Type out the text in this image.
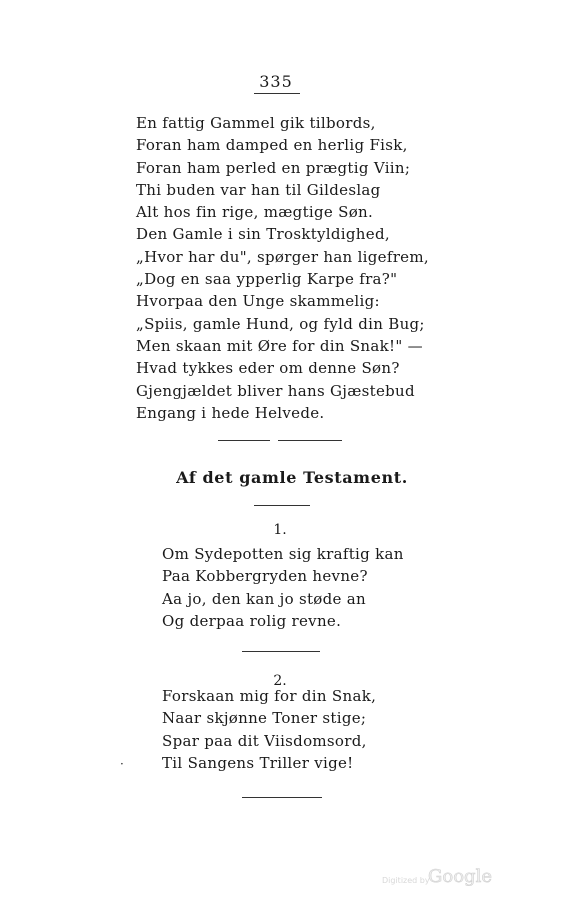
335
En fattig Gammel gik tilbords,
Foran ham damped en herlig Fisk,
Foran ham perled en prægtig Viin;
Thi buden var han til Gildeslag
Alt hos fin rige, mægtige Søn.
Den Gamle i sin Trosktyldighed,
„Hvor har du", spørger han ligefrem,
„Dog en saa ypperlig Karpe fra?"
Hvorpaa den Unge skammelig:
„Spiis, gamle Hund, og fyld din Bug;
Men skaan mit Øre for din Snak!" —
Hvad tykkes eder om denne Søn?
Gjengjældet bliver hans Gjæstebud
Engang i hede Helvede.
Af det gamle Testament.
1.
Om Sydepotten sig kraftig kan
Paa Kobbergryden hevne?
Aa jo, den kan jo støde an
Og derpaa rolig revne.
2.
Forskaan mig for din Snak,
Naar skjønne Toner stige;
Spar paa dit Viisdomsord,
Til Sangens Triller vige!
·
Digitized by
Google
